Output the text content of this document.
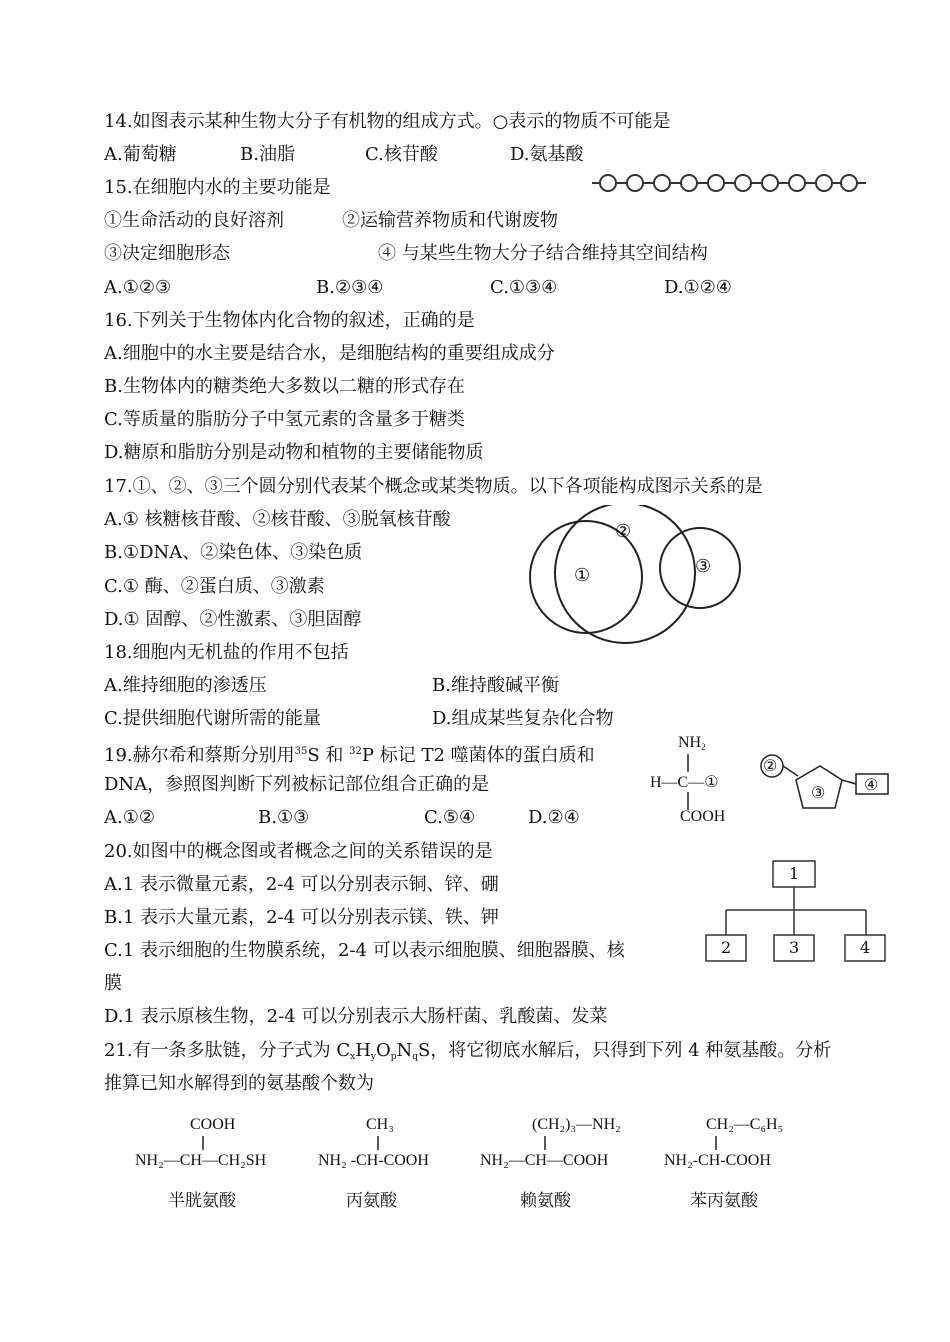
14.如图表示某种生物大分子有机物的组成方式。○表示的物质不可能是
A.葡萄糖	B.油脂	C.核苷酸	D.氨基酸
15.在细胞内水的主要功能是
①生命活动的良好溶剂	②运输营养物质和代谢废物
③决定细胞形态	④ 与某些生物大分子结合维持其空间结构
A.①②③	B.②③④	C.①③④	D.①②④
16.下列关于生物体内化合物的叙述，正确的是
A.细胞中的水主要是结合水，是细胞结构的重要组成成分
B.生物体内的糖类绝大多数以二糖的形式存在
C.等质量的脂肪分子中氢元素的含量多于糖类
D.糖原和脂肪分别是动物和植物的主要储能物质
17.①、②、③三个圆分别代表某个概念或某类物质。以下各项能构成图示关系的是
A.① 核糖核苷酸、②核苷酸、③脱氧核苷酸
B.①DNA、②染色体、③染色质
C.① 酶、②蛋白质、③激素
D.① 固醇、②性激素、③胆固醇
①
②
③
18.细胞内无机盐的作用不包括
A.维持细胞的渗透压	B.维持酸碱平衡
C.提供细胞代谢所需的能量	D.组成某些复杂化合物
19.赫尔希和蔡斯分别用$^{35}$S 和 $^{32}$P 标记 T2 噬菌体的蛋白质和
DNA，参照图判断下列被标记部位组合正确的是
A.①②	B.①③	C.⑤④	D.②④
$NH_2$
H—C—①
COOH
②
③ ④
20.如图中的概念图或者概念之间的关系错误的是
A.1 表示微量元素，2-4 可以分别表示铜、锌、硼
B.1 表示大量元素，2-4 可以分别表示镁、铁、钾
C.1 表示细胞的生物膜系统，2-4 可以表示细胞膜、细胞器膜、核
膜
D.1 表示原核生物，2-4 可以分别表示大肠杆菌、乳酸菌、发菜
1
2	3	4
21.有一条多肽链，分子式为 $C_xH_yO_pN_qS$，将它彻底水解后，只得到下列 4 种氨基酸。分析
推算已知水解得到的氨基酸个数为
COOH
NH₂—CH—CH₂SH
半胱氨酸
CH₃
NH₂ -CH-COOH
丙氨酸
(CH₂)₃—NH₂
NH₂—CH—COOH
赖氨酸
CH₂—C₆H₅
NH₂-CH-COOH
苯丙氨酸
